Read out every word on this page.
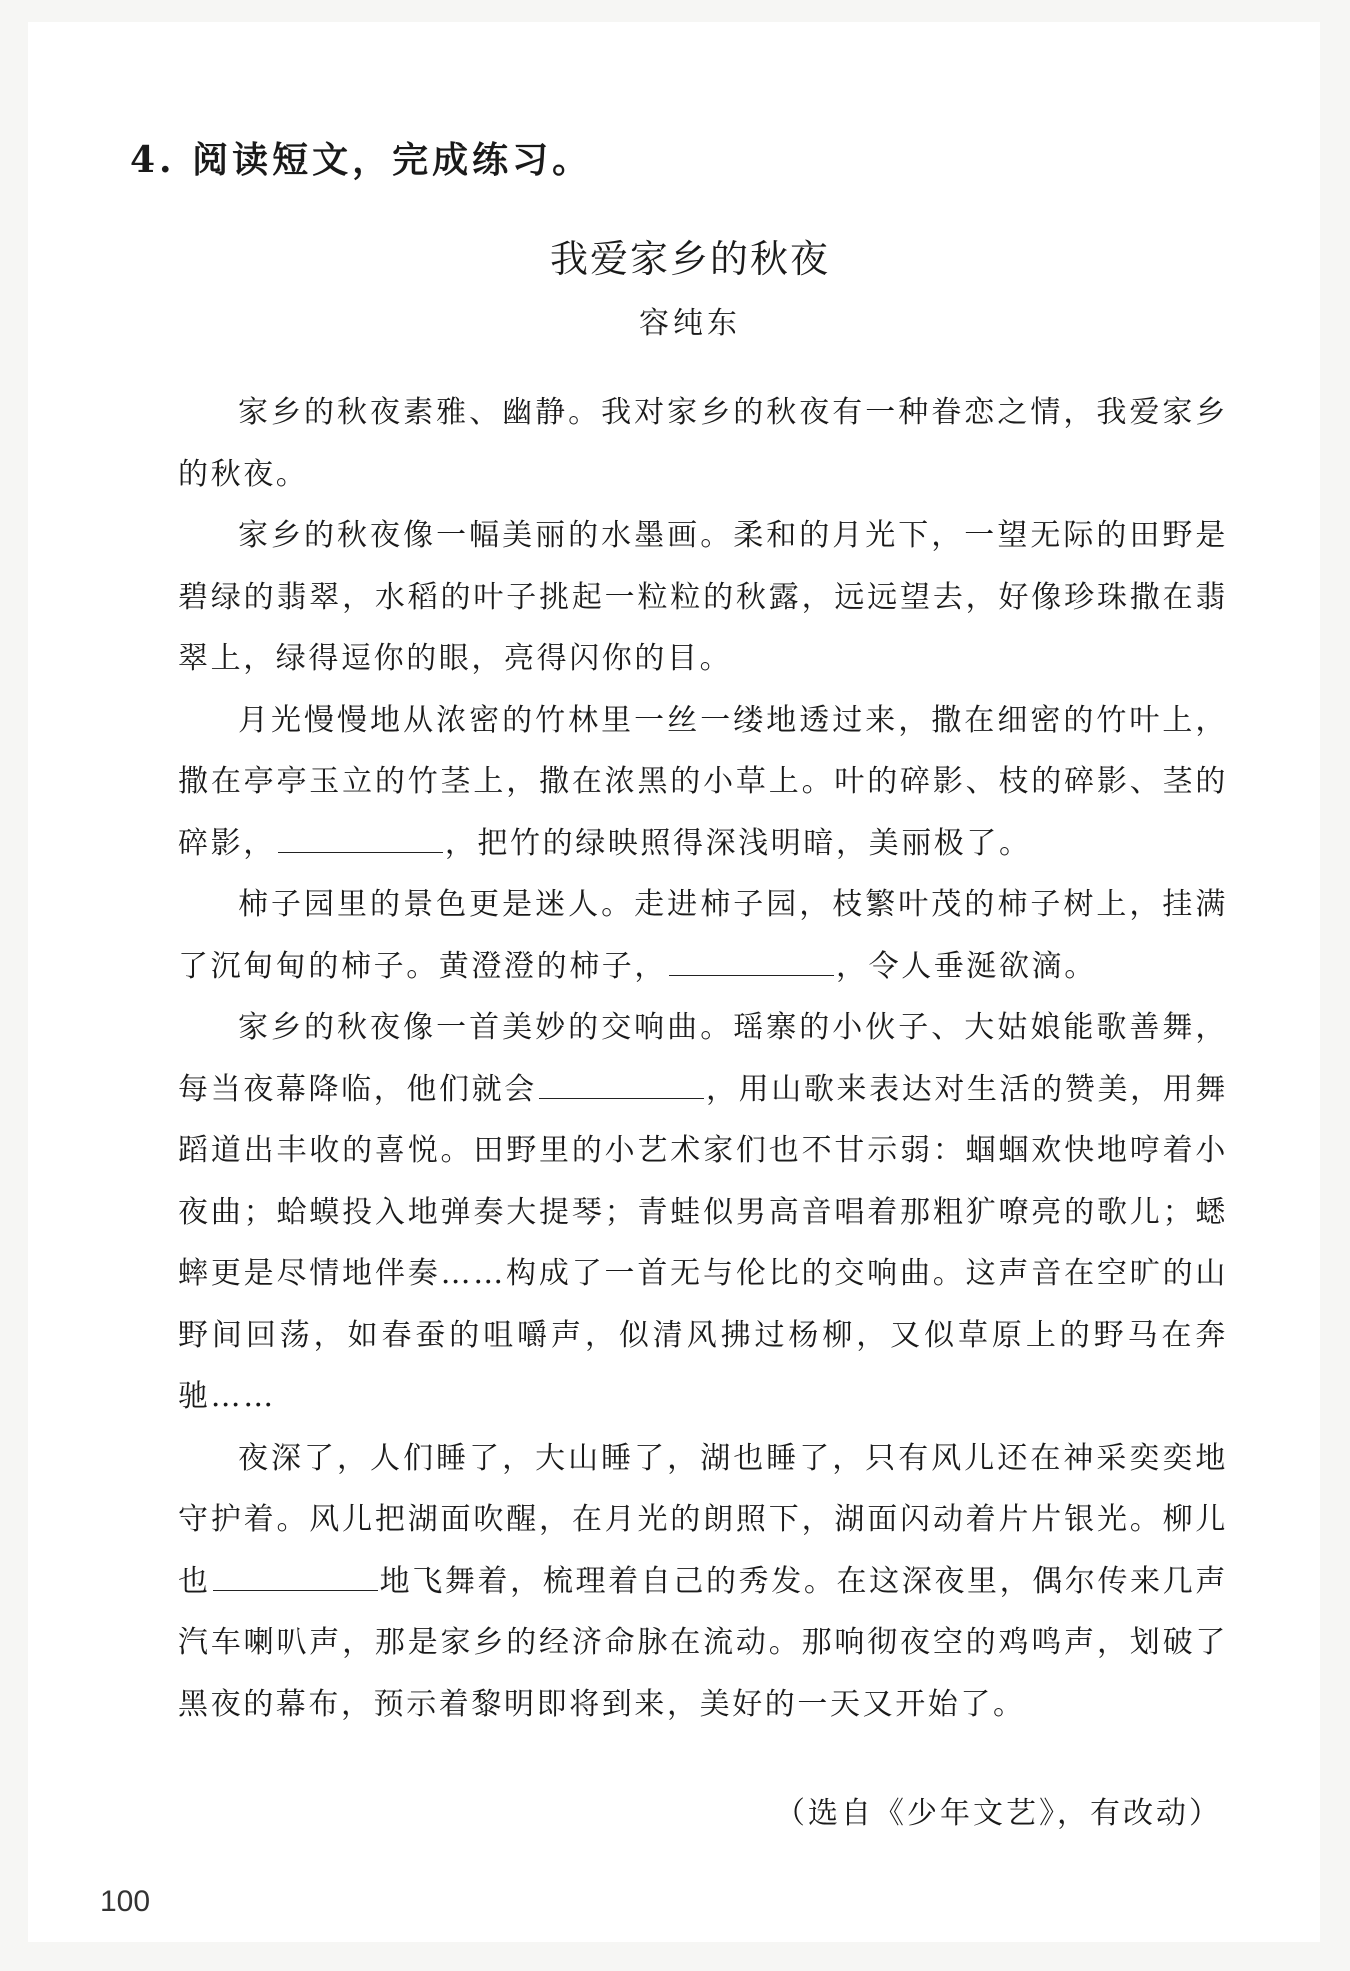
4. 阅读短文，完成练习。
我爱家乡的秋夜
容纯东

家乡的秋夜素雅、幽静。我对家乡的秋夜有一种眷恋之情，我爱家乡的秋夜。

家乡的秋夜像一幅美丽的水墨画。柔和的月光下，一望无际的田野是碧绿的翡翠，水稻的叶子挑起一粒粒的秋露，远远望去，好像珍珠撒在翡翠上，绿得逗你的眼，亮得闪你的目。

月光慢慢地从浓密的竹林里一丝一缕地透过来，撒在细密的竹叶上，撒在亭亭玉立的竹茎上，撒在浓黑的小草上。叶的碎影、枝的碎影、茎的碎影，	，把竹的绿映照得深浅明暗，美丽极了。

柿子园里的景色更是迷人。走进柿子园，枝繁叶茂的柿子树上，挂满了沉甸甸的柿子。黄澄澄的柿子，	，令人垂涎欲滴。

家乡的秋夜像一首美妙的交响曲。瑶寨的小伙子、大姑娘能歌善舞，每当夜幕降临，他们就会	，用山歌来表达对生活的赞美，用舞蹈道出丰收的喜悦。田野里的小艺术家们也不甘示弱：蝈蝈欢快地哼着小夜曲；蛤蟆投入地弹奏大提琴；青蛙似男高音唱着那粗犷嘹亮的歌儿；蟋蟀更是尽情地伴奏……构成了一首无与伦比的交响曲。这声音在空旷的山野间回荡，如春蚕的咀嚼声，似清风拂过杨柳，又似草原上的野马在奔驰……

夜深了，人们睡了，大山睡了，湖也睡了，只有风儿还在神采奕奕地守护着。风儿把湖面吹醒，在月光的朗照下，湖面闪动着片片银光。柳儿也	地飞舞着，梳理着自己的秀发。在这深夜里，偶尔传来几声汽车喇叭声，那是家乡的经济命脉在流动。那响彻夜空的鸡鸣声，划破了黑夜的幕布，预示着黎明即将到来，美好的一天又开始了。

（选自《少年文艺》，有改动）
100
